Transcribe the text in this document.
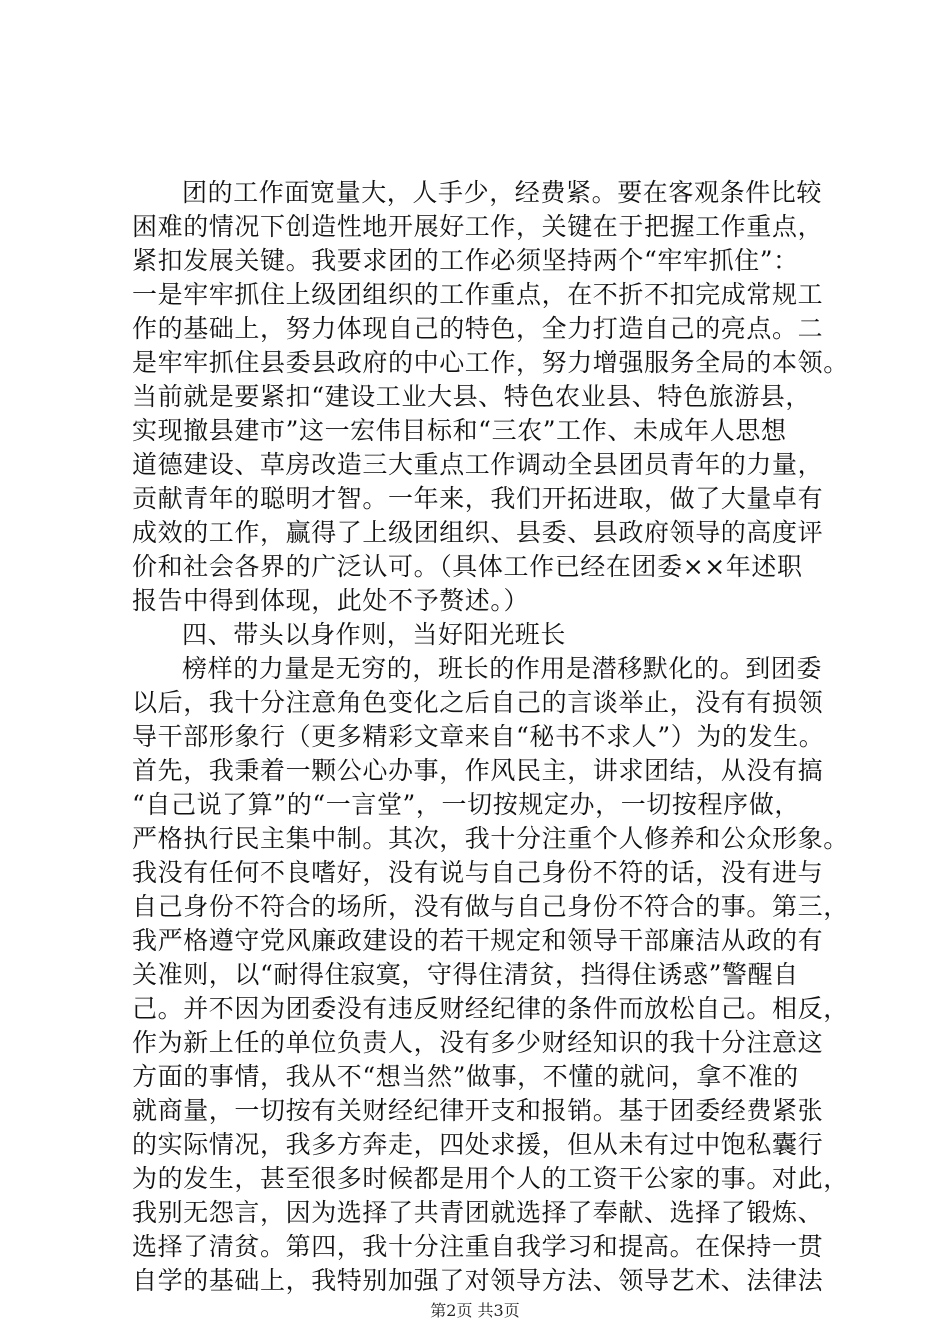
团的工作面宽量大，人手少，经费紧。要在客观条件比较
困难的情况下创造性地开展好工作，关键在于把握工作重点，
紧扣发展关键。我要求团的工作必须坚持两个“牢牢抓住”：
一是牢牢抓住上级团组织的工作重点，在不折不扣完成常规工
作的基础上，努力体现自己的特色，全力打造自己的亮点。二
是牢牢抓住县委县政府的中心工作，努力增强服务全局的本领。
当前就是要紧扣“建设工业大县、特色农业县、特色旅游县，
实现撤县建市”这一宏伟目标和“三农”工作、未成年人思想
道德建设、草房改造三大重点工作调动全县团员青年的力量，
贡献青年的聪明才智。一年来，我们开拓进取，做了大量卓有
成效的工作，赢得了上级团组织、县委、县政府领导的高度评
价和社会各界的广泛认可。（具体工作已经在团委××年述职
报告中得到体现，此处不予赘述。）
四、带头以身作则，当好阳光班长
榜样的力量是无穷的，班长的作用是潜移默化的。到团委
以后，我十分注意角色变化之后自己的言谈举止，没有有损领
导干部形象行（更多精彩文章来自“秘书不求人”）为的发生。
首先，我秉着一颗公心办事，作风民主，讲求团结，从没有搞
“自己说了算”的“一言堂”，一切按规定办，一切按程序做，
严格执行民主集中制。其次，我十分注重个人修养和公众形象。
我没有任何不良嗜好，没有说与自己身份不符的话，没有进与
自己身份不符合的场所，没有做与自己身份不符合的事。第三，
我严格遵守党风廉政建设的若干规定和领导干部廉洁从政的有
关准则，以“耐得住寂寞，守得住清贫，挡得住诱惑”警醒自
己。并不因为团委没有违反财经纪律的条件而放松自己。相反，
作为新上任的单位负责人，没有多少财经知识的我十分注意这
方面的事情，我从不“想当然”做事，不懂的就问，拿不准的
就商量，一切按有关财经纪律开支和报销。基于团委经费紧张
的实际情况，我多方奔走，四处求援，但从未有过中饱私囊行
为的发生，甚至很多时候都是用个人的工资干公家的事。对此，
我别无怨言，因为选择了共青团就选择了奉献、选择了锻炼、
选择了清贫。第四，我十分注重自我学习和提高。在保持一贯
自学的基础上，我特别加强了对领导方法、领导艺术、法律法
第2页 共3页
